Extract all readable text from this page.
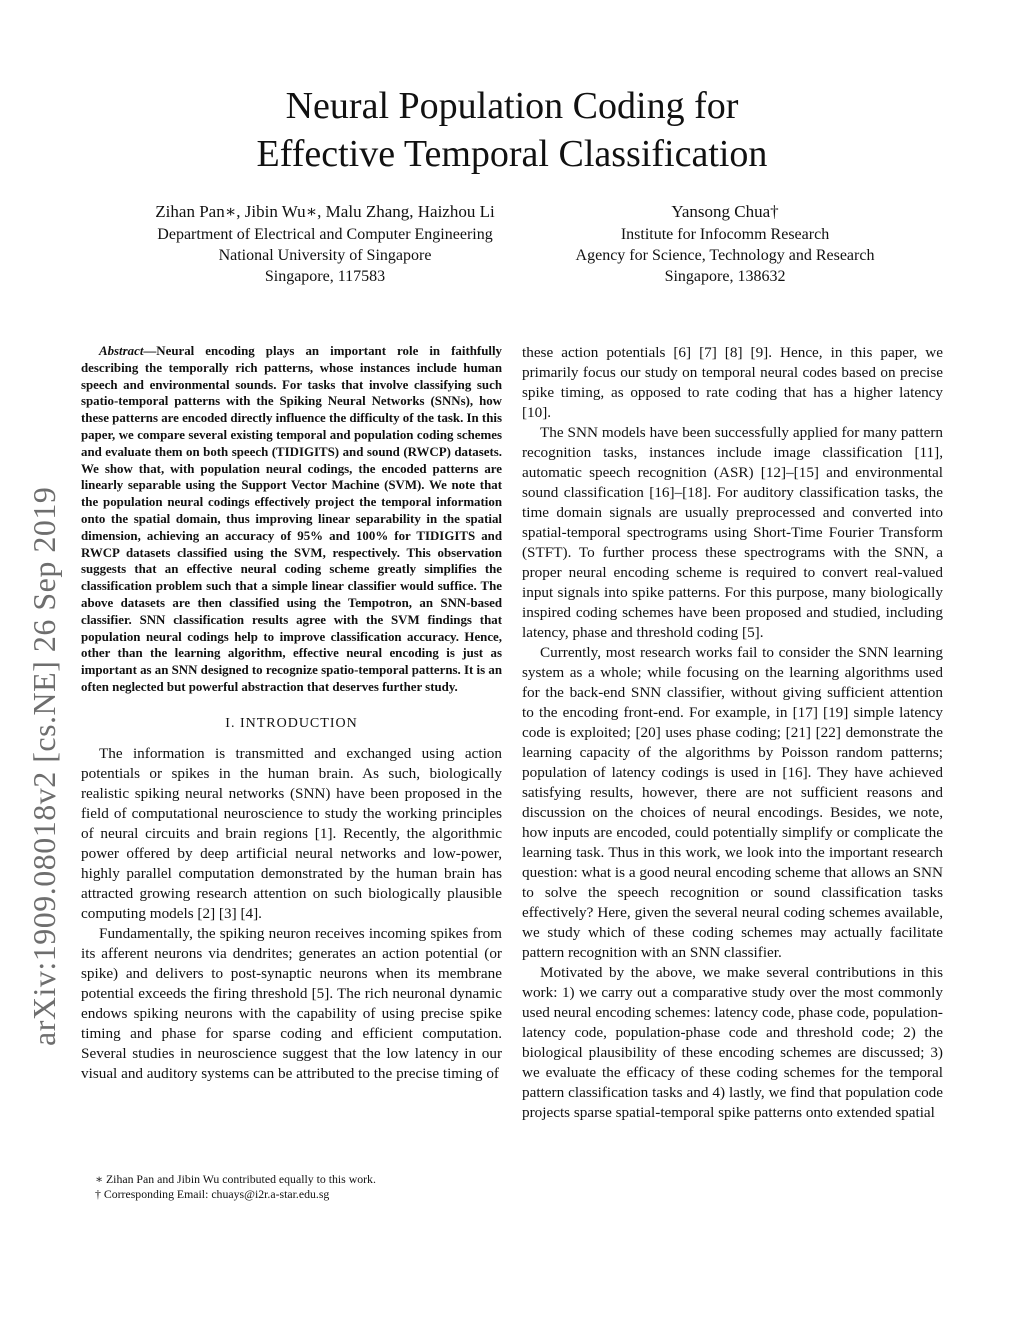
arXiv:1909.08018v2 [cs.NE] 26 Sep 2019
Neural Population Coding for
Effective Temporal Classification
Zihan Pan∗, Jibin Wu∗, Malu Zhang, Haizhou Li
Department of Electrical and Computer Engineering
National University of Singapore
Singapore, 117583
Yansong Chua†
Institute for Infocomm Research
Agency for Science, Technology and Research
Singapore, 138632

Abstract—Neural encoding plays an important role in faithfully describing the temporally rich patterns, whose instances include human speech and environmental sounds. For tasks that involve classifying such spatio-temporal patterns with the Spiking Neural Networks (SNNs), how these patterns are encoded directly influence the difficulty of the task. In this paper, we compare several existing temporal and population coding schemes and evaluate them on both speech (TIDIGITS) and sound (RWCP) datasets. We show that, with population neural codings, the encoded patterns are linearly separable using the Support Vector Machine (SVM). We note that the population neural codings effectively project the temporal information onto the spatial domain, thus improving linear separability in the spatial dimension, achieving an accuracy of 95% and 100% for TIDIGITS and RWCP datasets classified using the SVM, respectively. This observation suggests that an effective neural coding scheme greatly simplifies the classification problem such that a simple linear classifier would suffice. The above datasets are then classified using the Tempotron, an SNN-based classifier. SNN classification results agree with the SVM findings that population neural codings help to improve classification accuracy. Hence, other than the learning algorithm, effective neural encoding is just as important as an SNN designed to recognize spatio-temporal patterns. It is an often neglected but powerful abstraction that deserves further study.

I. INTRODUCTION

The information is transmitted and exchanged using action potentials or spikes in the human brain. As such, biologically realistic spiking neural networks (SNN) have been proposed in the field of computational neuroscience to study the working principles of neural circuits and brain regions [1]. Recently, the algorithmic power offered by deep artificial neural networks and low-power, highly parallel computation demonstrated by the human brain has attracted growing research attention on such biologically plausible computing models [2] [3] [4].

Fundamentally, the spiking neuron receives incoming spikes from its afferent neurons via dendrites; generates an action potential (or spike) and delivers to post-synaptic neurons when its membrane potential exceeds the firing threshold [5]. The rich neuronal dynamic endows spiking neurons with the capability of using precise spike timing and phase for sparse coding and efficient computation. Several studies in neuroscience suggest that the low latency in our visual and auditory systems can be attributed to the precise timing of

these action potentials [6] [7] [8] [9]. Hence, in this paper, we primarily focus our study on temporal neural codes based on precise spike timing, as opposed to rate coding that has a higher latency [10].

The SNN models have been successfully applied for many pattern recognition tasks, instances include image classification [11], automatic speech recognition (ASR) [12]–[15] and environmental sound classification [16]–[18]. For auditory classification tasks, the time domain signals are usually preprocessed and converted into spatial-temporal spectrograms using Short-Time Fourier Transform (STFT). To further process these spectrograms with the SNN, a proper neural encoding scheme is required to convert real-valued input signals into spike patterns. For this purpose, many biologically inspired coding schemes have been proposed and studied, including latency, phase and threshold coding [5].

Currently, most research works fail to consider the SNN learning system as a whole; while focusing on the learning algorithms used for the back-end SNN classifier, without giving sufficient attention to the encoding front-end. For example, in [17] [19] simple latency code is exploited; [20] uses phase coding; [21] [22] demonstrate the learning capacity of the algorithms by Poisson random patterns; population of latency codings is used in [16]. They have achieved satisfying results, however, there are not sufficient reasons and discussion on the choices of neural encodings. Besides, we note, how inputs are encoded, could potentially simplify or complicate the learning task. Thus in this work, we look into the important research question: what is a good neural encoding scheme that allows an SNN to solve the speech recognition or sound classification tasks effectively? Here, given the several neural coding schemes available, we study which of these coding schemes may actually facilitate pattern recognition with an SNN classifier.

Motivated by the above, we make several contributions in this work: 1) we carry out a comparative study over the most commonly used neural encoding schemes: latency code, phase code, population-latency code, population-phase code and threshold code; 2) the biological plausibility of these encoding schemes are discussed; 3) we evaluate the efficacy of these coding schemes for the temporal pattern classification tasks and 4) lastly, we find that population code projects sparse spatial-temporal spike patterns onto extended spatial

∗ Zihan Pan and Jibin Wu contributed equally to this work.
† Corresponding Email: chuays@i2r.a-star.edu.sg
